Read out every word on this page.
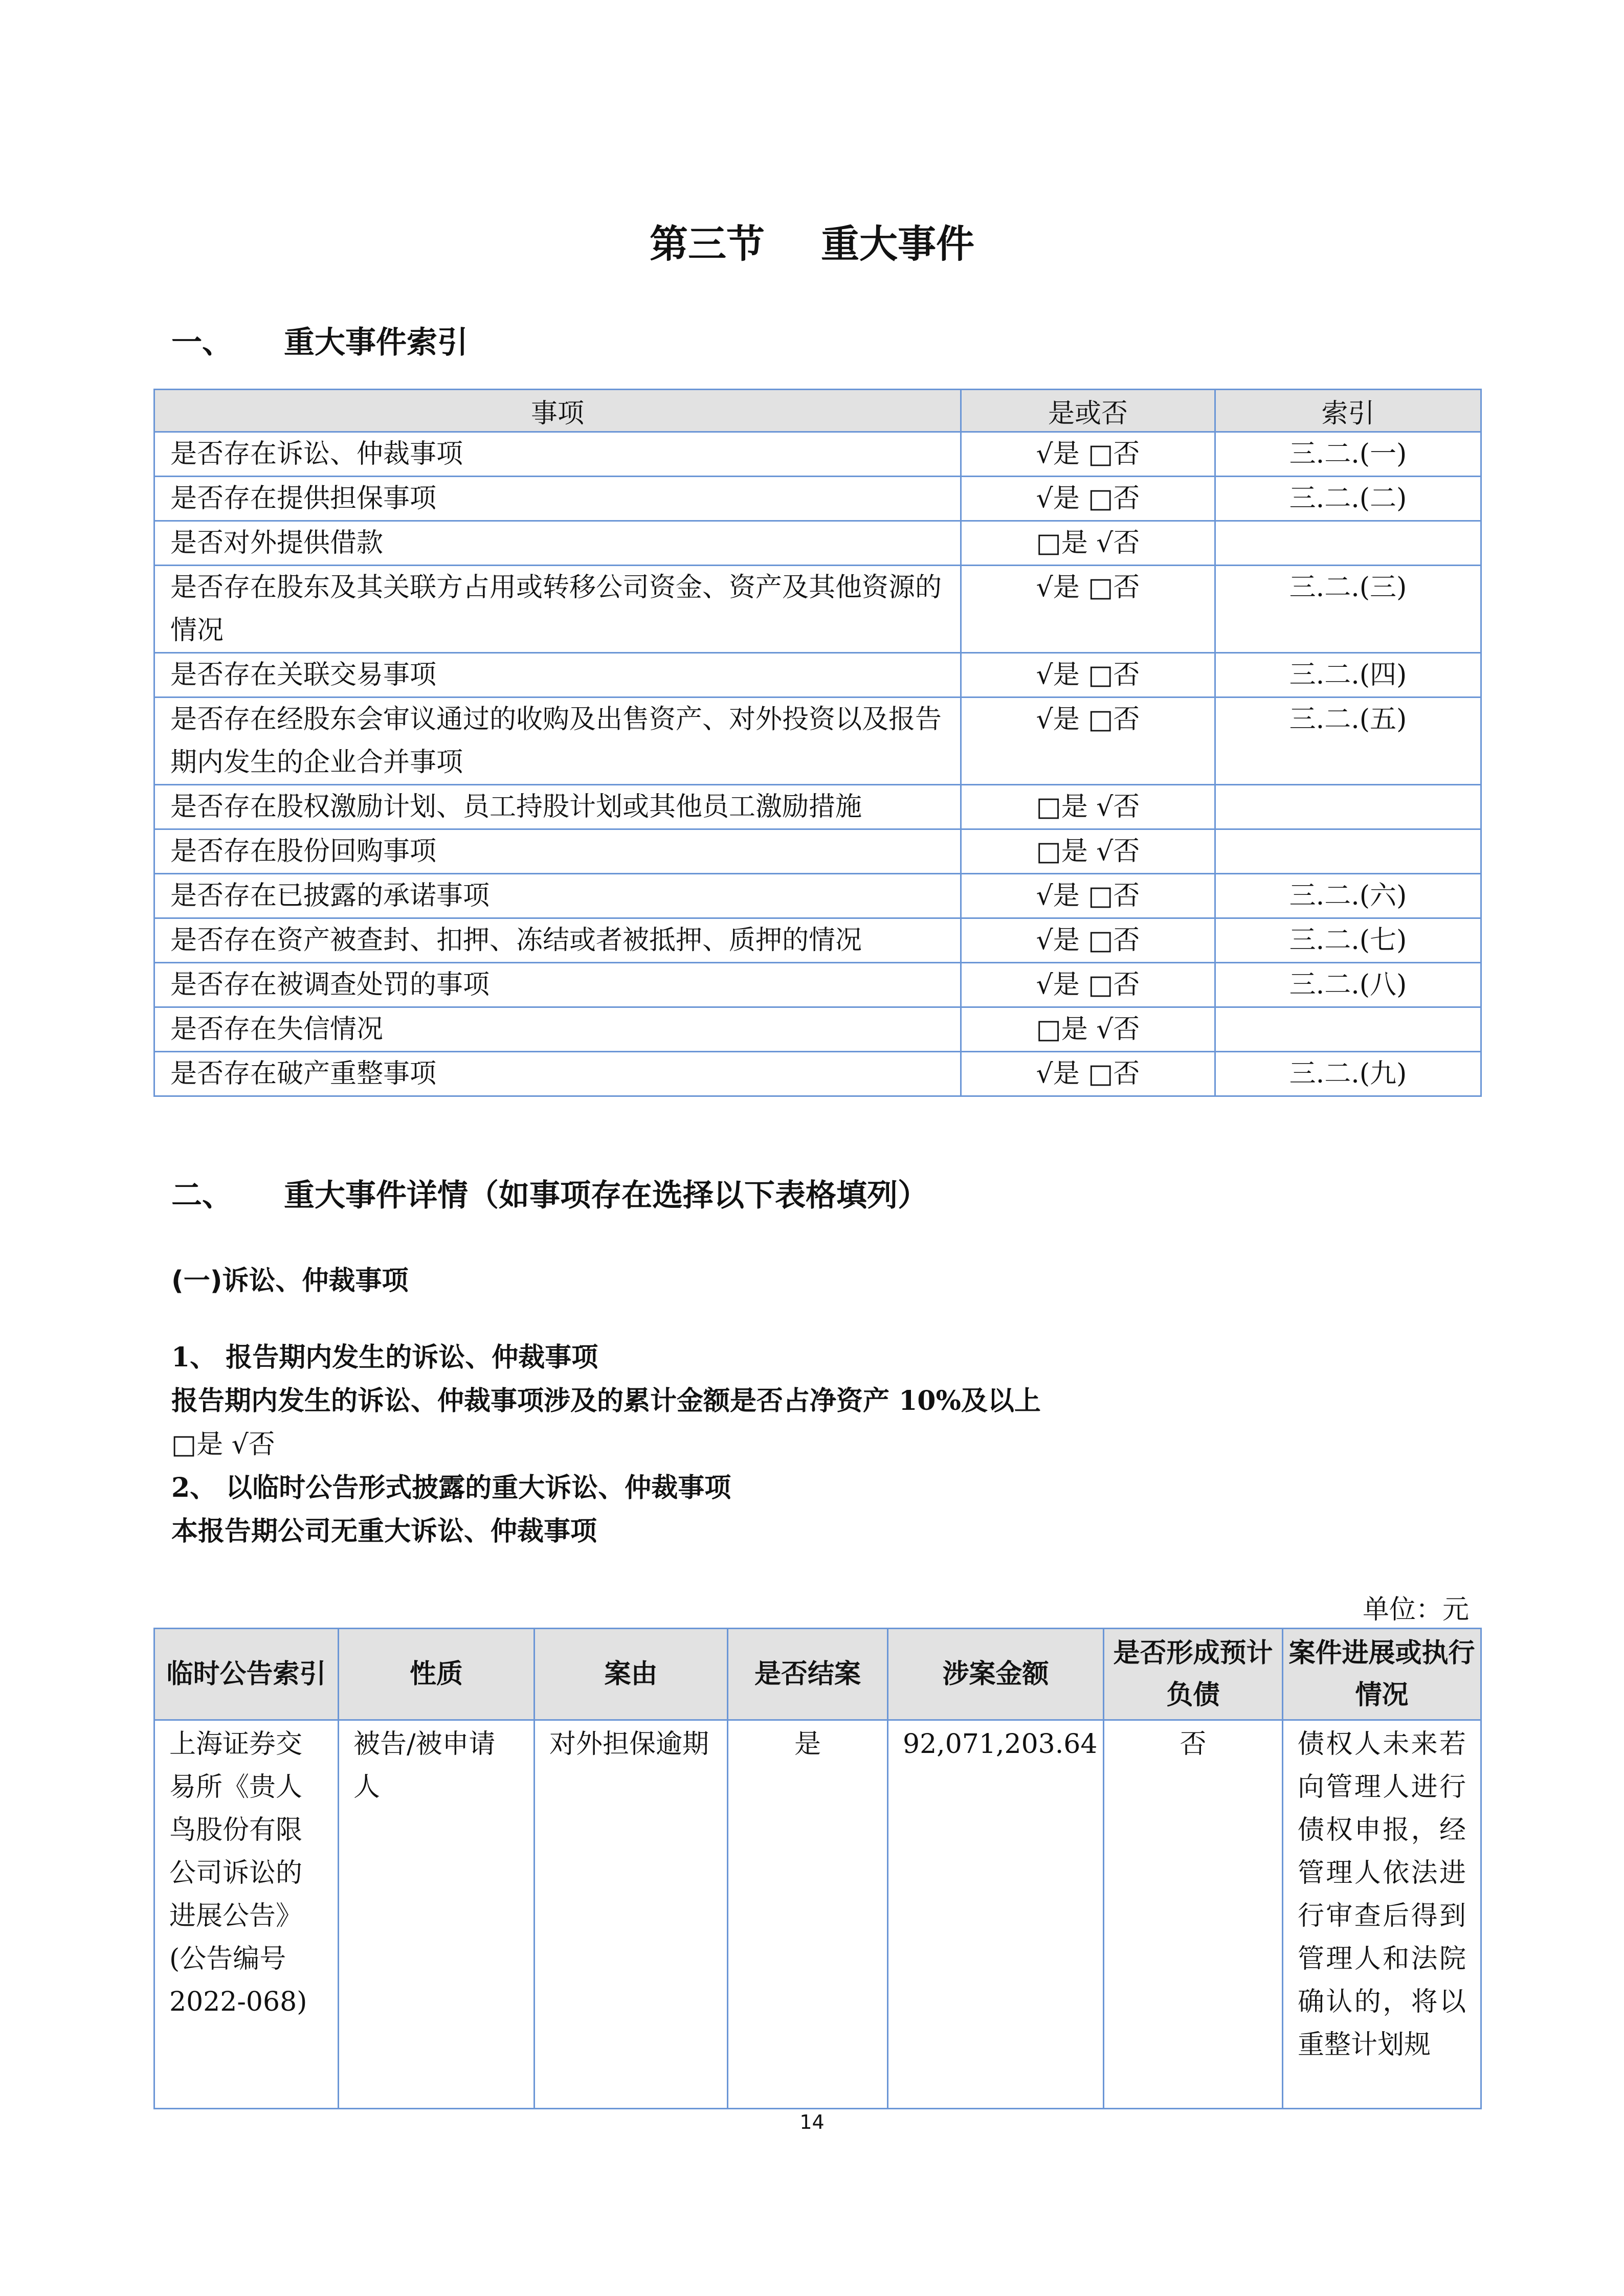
第三节 重大事件
一、 重大事件索引
事项	是或否	索引
是否存在诉讼、仲裁事项	√是 □否	三.二.(一)
是否存在提供担保事项	√是 □否	三.二.(二)
是否对外提供借款	□是 √否	
是否存在股东及其关联方占用或转移公司资金、资产及其他资源的情况	√是 □否	三.二.(三)
是否存在关联交易事项	√是 □否	三.二.(四)
是否存在经股东会审议通过的收购及出售资产、对外投资以及报告期内发生的企业合并事项	√是 □否	三.二.(五)
是否存在股权激励计划、员工持股计划或其他员工激励措施	□是 √否	
是否存在股份回购事项	□是 √否	
是否存在已披露的承诺事项	√是 □否	三.二.(六)
是否存在资产被查封、扣押、冻结或者被抵押、质押的情况	√是 □否	三.二.(七)
是否存在被调查处罚的事项	√是 □否	三.二.(八)
是否存在失信情况	□是 √否	
是否存在破产重整事项	√是 □否	三.二.(九)
二、 重大事件详情（如事项存在选择以下表格填列）
(一)诉讼、仲裁事项
1、 报告期内发生的诉讼、仲裁事项
报告期内发生的诉讼、仲裁事项涉及的累计金额是否占净资产 10%及以上
□是 √否
2、 以临时公告形式披露的重大诉讼、仲裁事项
本报告期公司无重大诉讼、仲裁事项
单位：元
临时公告索引	性质	案由	是否结案	涉案金额	是否形成预计负债	案件进展或执行情况
上海证券交易所《贵人鸟股份有限公司诉讼的进展公告》(公告编号2022-068)	被告/被申请人	对外担保逾期	是	92,071,203.64	否	债权人未来若向管理人进行债权申报，经管理人依法进行审查后得到管理人和法院确认的，将以重整计划规
14
